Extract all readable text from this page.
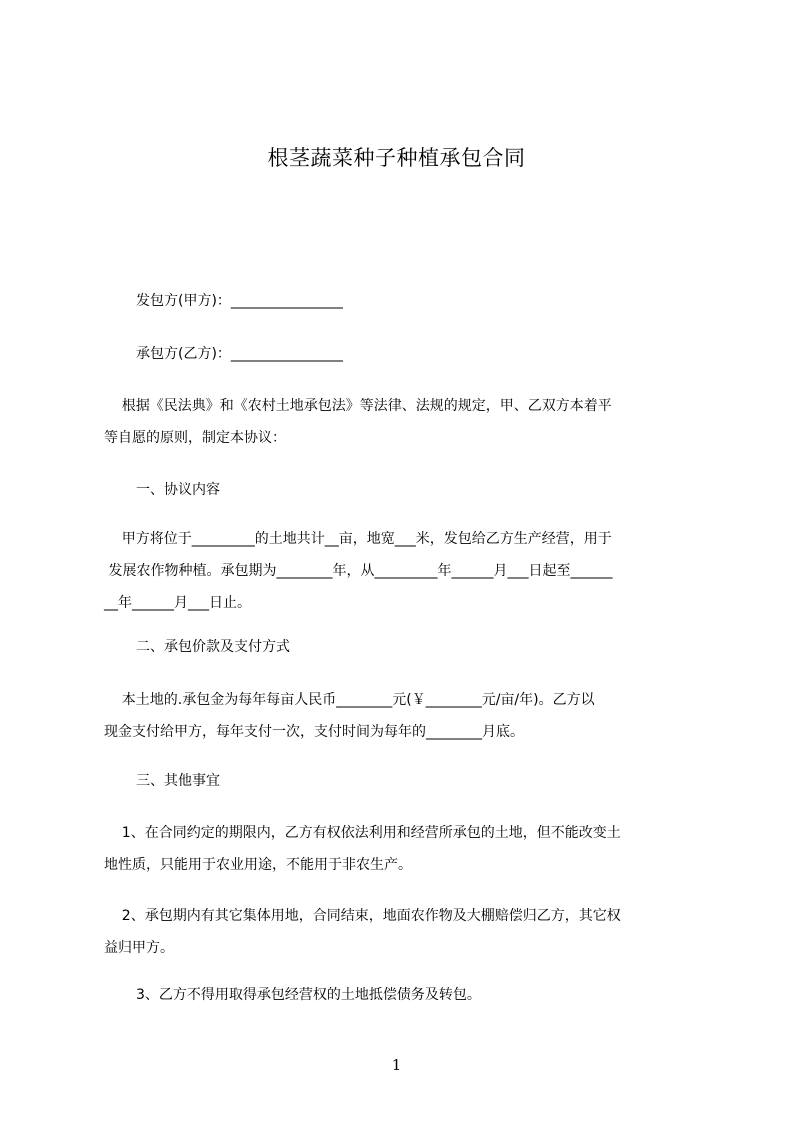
根茎蔬菜种子种植承包合同
发包方(甲方)：________________
承包方(乙方)：________________
根据《民法典》和《农村土地承包法》等法律、法规的规定，甲、乙双方本着平
等自愿的原则，制定本协议：
一、协议内容
甲方将位于_________的土地共计__亩，地宽___米，发包给乙方生产经营，用于
发展农作物种植。承包期为________年，从_________年______月___日起至______
__年______月___日止。
二、承包价款及支付方式
本土地的.承包金为每年每亩人民币________元(￥________元/亩/年)。乙方以
现金支付给甲方，每年支付一次，支付时间为每年的________月底。
三、其他事宜
1、在合同约定的期限内，乙方有权依法利用和经营所承包的土地，但不能改变土
地性质，只能用于农业用途，不能用于非农生产。
2、承包期内有其它集体用地，合同结束，地面农作物及大棚赔偿归乙方，其它权
益归甲方。
3、乙方不得用取得承包经营权的土地抵偿债务及转包。
1
